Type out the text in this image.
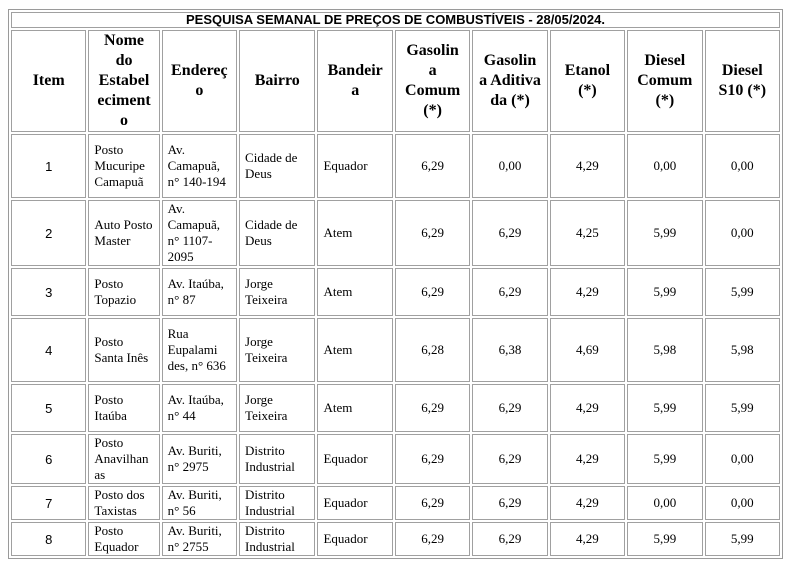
PESQUISA SEMANAL DE PREÇOS DE COMBUSTÍVEIS - 28/05/2024.									
Item	Nome do Estabel eciment o	Endereç o	Bairro	Bandeir a	Gasolin a Comum (*)	Gasolin a Aditiva da (*)	Etanol (*)	Diesel Comum (*)	Diesel S10 (*)
1	Posto Mucuripe Camapuã	Av. Camapuã, n° 140-194	Cidade de Deus	Equador	6,29	0,00	4,29	0,00	0,00
2	Auto Posto Master	Av. Camapuã, n° 1107-2095	Cidade de Deus	Atem	6,29	6,29	4,25	5,99	0,00
3	Posto Topazio	Av. Itaúba, n° 87	Jorge Teixeira	Atem	6,29	6,29	4,29	5,99	5,99
4	Posto Santa Inês	Rua Eupalami des, n° 636	Jorge Teixeira	Atem	6,28	6,38	4,69	5,98	5,98
5	Posto Itaúba	Av. Itaúba, n° 44	Jorge Teixeira	Atem	6,29	6,29	4,29	5,99	5,99
6	Posto Anavilhan as	Av. Buriti, n° 2975	Distrito Industrial	Equador	6,29	6,29	4,29	5,99	0,00
7	Posto dos Taxistas	Av. Buriti, n° 56	Distrito Industrial	Equador	6,29	6,29	4,29	0,00	0,00
8	Posto Equador	Av. Buriti, n° 2755	Distrito Industrial	Equador	6,29	6,29	4,29	5,99	5,99
